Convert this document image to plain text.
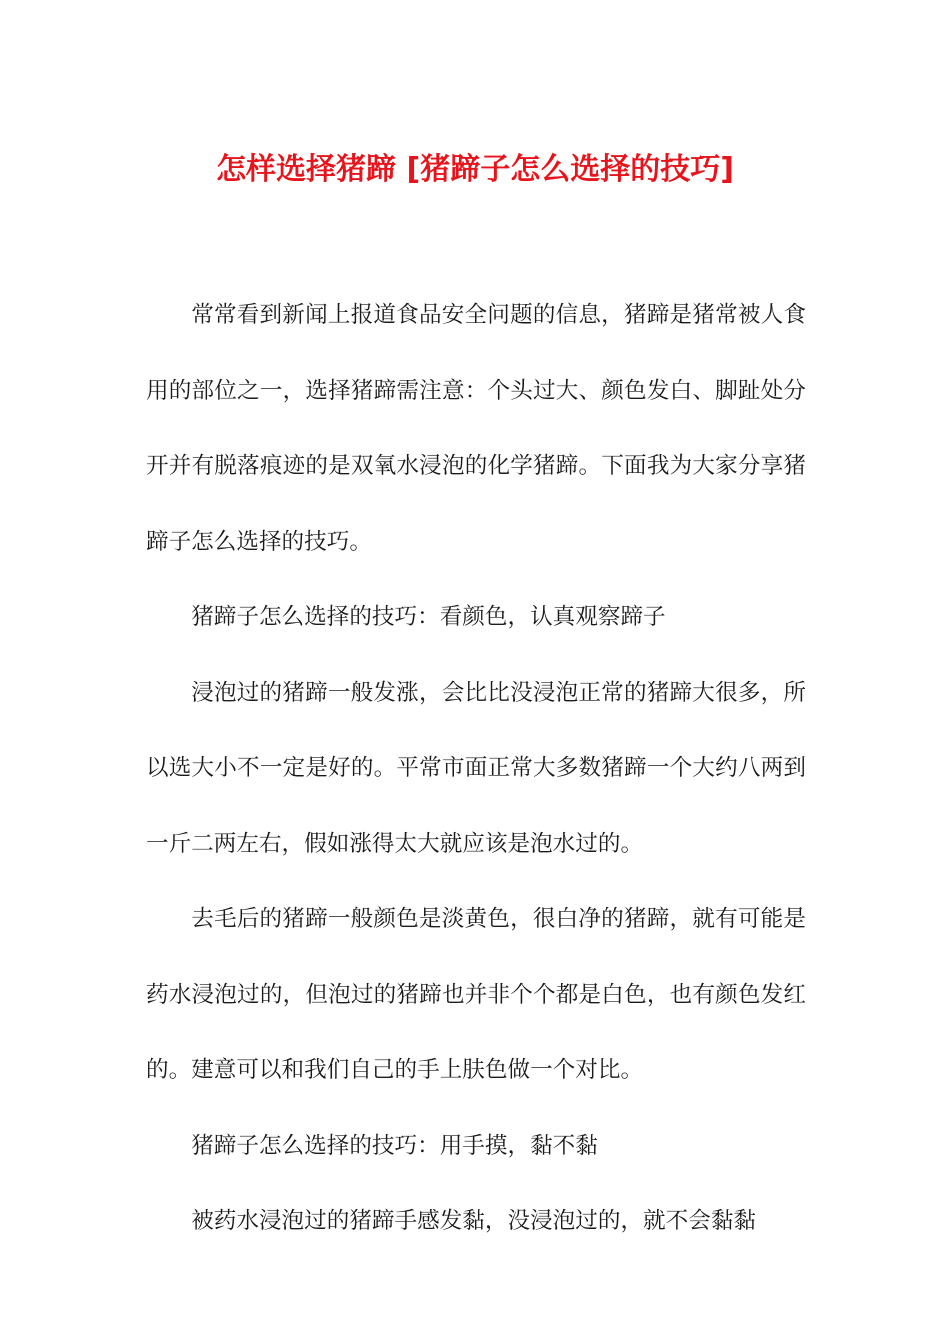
怎样选择猪蹄 [猪蹄子怎么选择的技巧]

常常看到新闻上报道食品安全问题的信息，猪蹄是猪常被人食用的部位之一，选择猪蹄需注意：个头过大、颜色发白、脚趾处分开并有脱落痕迹的是双氧水浸泡的化学猪蹄。下面我为大家分享猪蹄子怎么选择的技巧。

猪蹄子怎么选择的技巧：看颜色，认真观察蹄子

浸泡过的猪蹄一般发涨，会比比没浸泡正常的猪蹄大很多，所以选大小不一定是好的。平常市面正常大多数猪蹄一个大约八两到一斤二两左右，假如涨得太大就应该是泡水过的。

去毛后的猪蹄一般颜色是淡黄色，很白净的猪蹄，就有可能是药水浸泡过的，但泡过的猪蹄也并非个个都是白色，也有颜色发红的。建意可以和我们自己的手上肤色做一个对比。

猪蹄子怎么选择的技巧：用手摸，黏不黏

被药水浸泡过的猪蹄手感发黏，没浸泡过的，就不会黏黏
